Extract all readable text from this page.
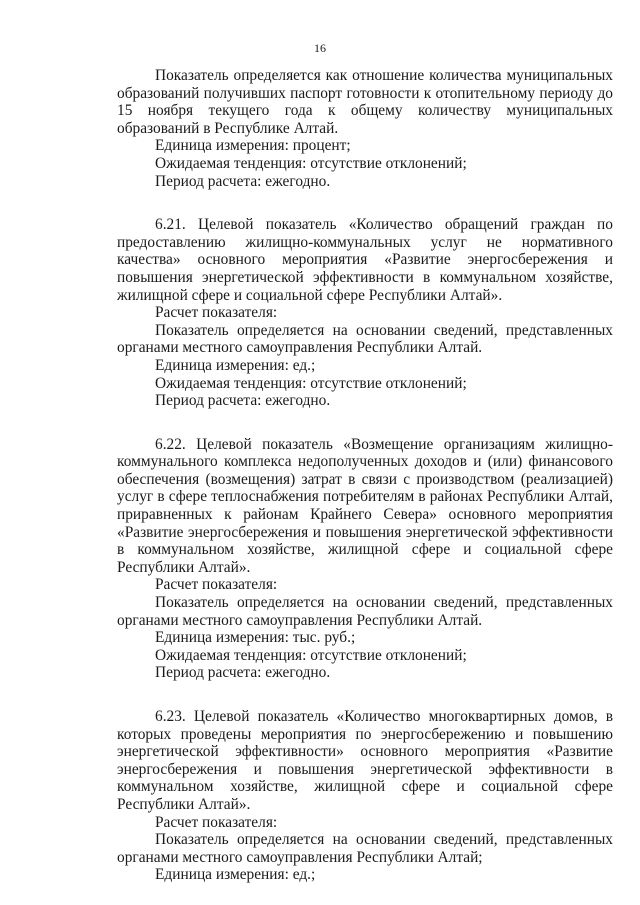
16

Показатель определяется как отношение количества муниципальных образований получивших паспорт готовности к отопительному периоду до 15 ноября текущего года к общему количеству муниципальных образований в Республике Алтай.

Единица измерения: процент;

Ожидаемая тенденция: отсутствие отклонений;

Период расчета: ежегодно.

6.21. Целевой показатель «Количество обращений граждан по предоставлению жилищно-коммунальных услуг не нормативного качества» основного мероприятия «Развитие энергосбережения и повышения энергетической эффективности в коммунальном хозяйстве, жилищной сфере и социальной сфере Республики Алтай».

Расчет показателя:

Показатель определяется на основании сведений, представленных органами местного самоуправления Республики Алтай.

Единица измерения: ед.;

Ожидаемая тенденция: отсутствие отклонений;

Период расчета: ежегодно.

6.22. Целевой показатель «Возмещение организациям жилищно-коммунального комплекса недополученных доходов и (или) финансового обеспечения (возмещения) затрат в связи с производством (реализацией) услуг в сфере теплоснабжения потребителям в районах Республики Алтай, приравненных к районам Крайнего Севера» основного мероприятия «Развитие энергосбережения и повышения энергетической эффективности в коммунальном хозяйстве, жилищной сфере и социальной сфере Республики Алтай».

Расчет показателя:

Показатель определяется на основании сведений, представленных органами местного самоуправления Республики Алтай.

Единица измерения: тыс. руб.;

Ожидаемая тенденция: отсутствие отклонений;

Период расчета: ежегодно.

6.23. Целевой показатель «Количество многоквартирных домов, в которых проведены мероприятия по энергосбережению и повышению энергетической эффективности» основного мероприятия «Развитие энергосбережения и повышения энергетической эффективности в коммунальном хозяйстве, жилищной сфере и социальной сфере Республики Алтай».

Расчет показателя:

Показатель определяется на основании сведений, представленных органами местного самоуправления Республики Алтай;

Единица измерения: ед.;
